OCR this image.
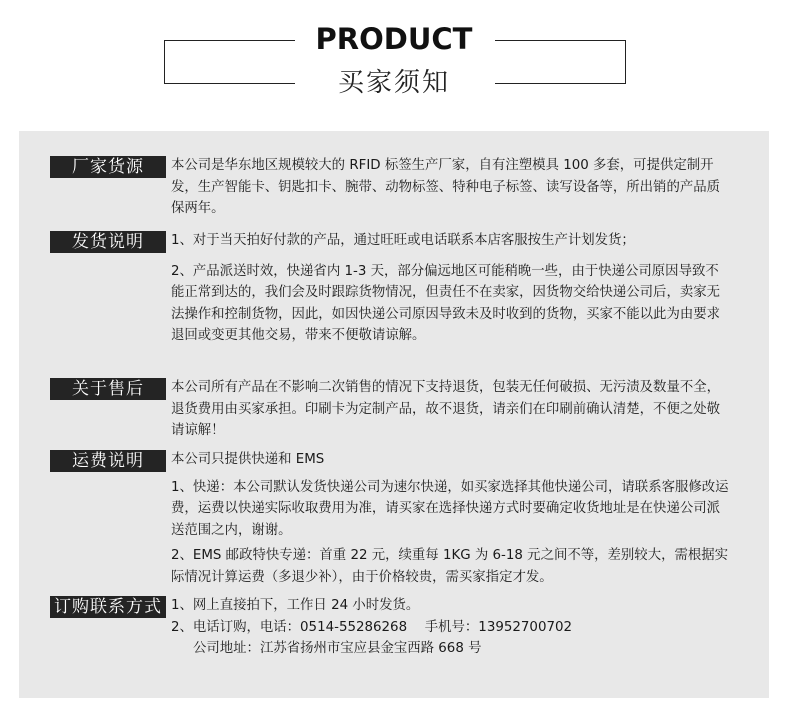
PRODUCT
买家须知
厂家货源	本公司是华东地区规模较大的 RFID 标签生产厂家，自有注塑模具 100 多套，可提供定制开发，生产智能卡、钥匙扣卡、腕带、动物标签、特种电子标签、读写设备等，所出销的产品质保两年。

发货说明	1、对于当天拍好付款的产品，通过旺旺或电话联系本店客服按生产计划发货；

2、产品派送时效，快递省内 1-3 天，部分偏远地区可能稍晚一些，由于快递公司原因导致不能正常到达的，我们会及时跟踪货物情况，但责任不在卖家，因货物交给快递公司后，卖家无法操作和控制货物，因此，如因快递公司原因导致未及时收到的货物，买家不能以此为由要求退回或变更其他交易，带来不便敬请谅解。

关于售后	本公司所有产品在不影响二次销售的情况下支持退货，包装无任何破损、无污渍及数量不全，退货费用由买家承担。印刷卡为定制产品，故不退货，请亲们在印刷前确认清楚，不便之处敬请谅解！

运费说明	本公司只提供快递和 EMS

1、快递：本公司默认发货快递公司为速尔快递，如买家选择其他快递公司，请联系客服修改运费，运费以快递实际收取费用为准，请买家在选择快递方式时要确定收货地址是在快递公司派送范围之内，谢谢。

2、EMS 邮政特快专递：首重 22 元，续重每 1KG 为 6-18 元之间不等，差别较大，需根据实际情况计算运费（多退少补），由于价格较贵，需买家指定才发。

订购联系方式 1、网上直接拍下，工作日 24 小时发货。
2、电话订购，电话：0514-55286268　 手机号：13952700702
公司地址：江苏省扬州市宝应县金宝西路 668 号
